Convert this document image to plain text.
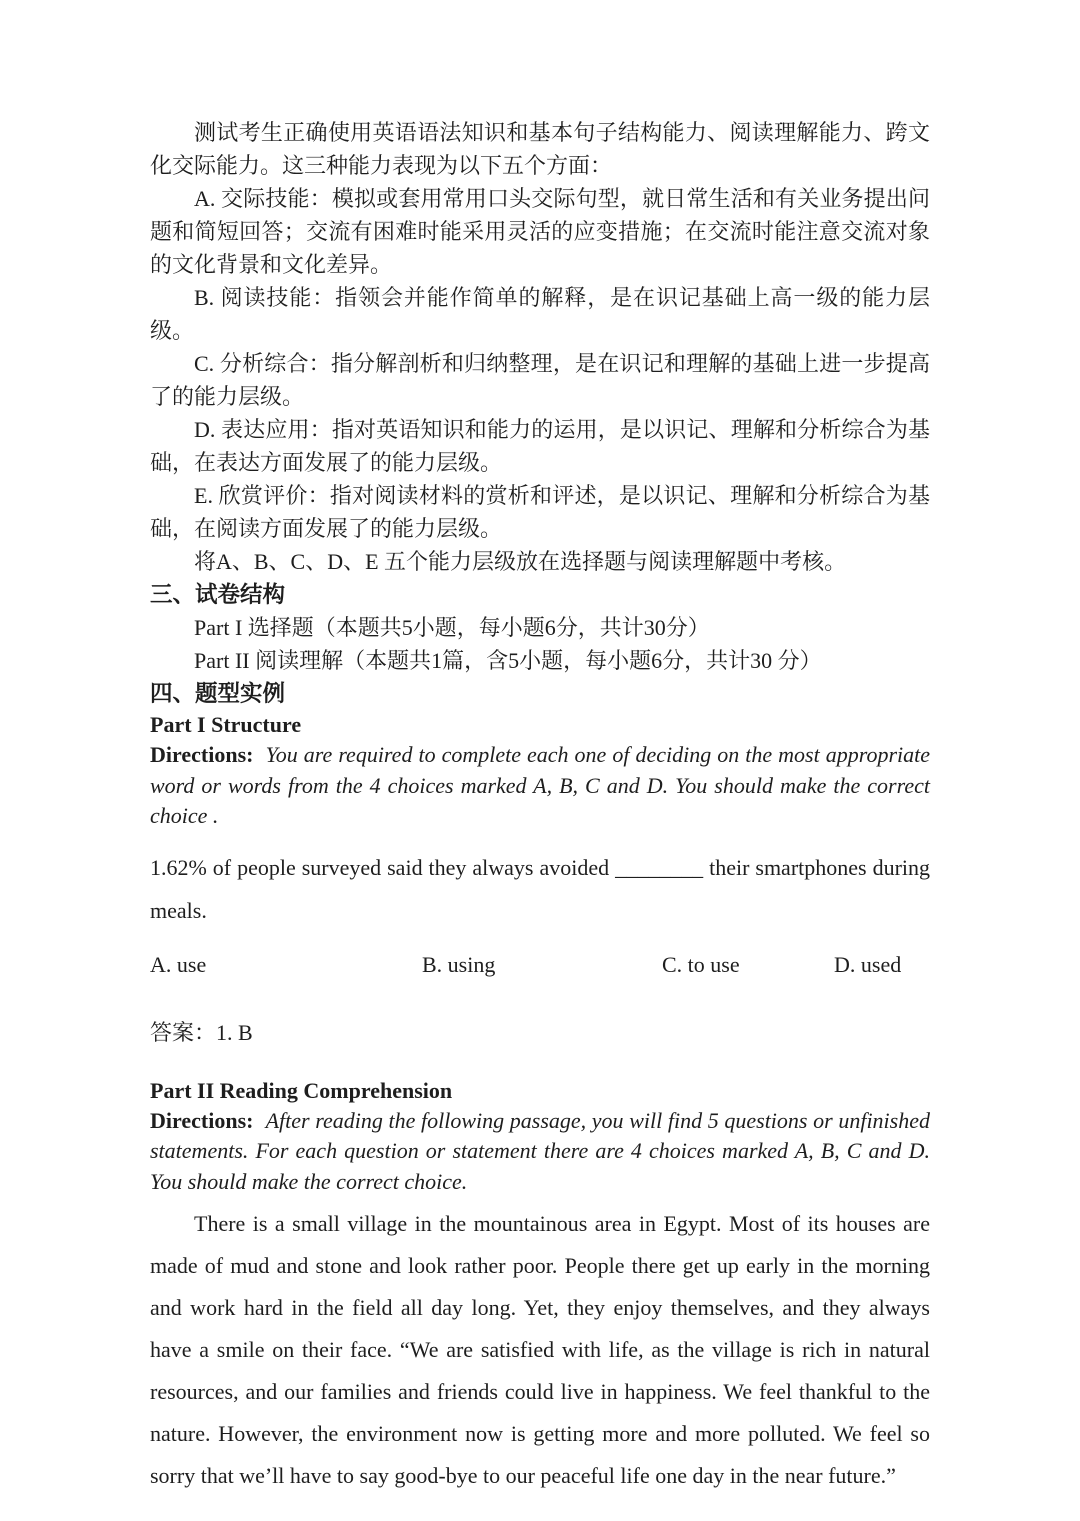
测试考生正确使用英语语法知识和基本句子结构能力、阅读理解能力、跨文化交际能力。这三种能力表现为以下五个方面：

A. 交际技能：模拟或套用常用口头交际句型，就日常生活和有关业务提出问题和简短回答；交流有困难时能采用灵活的应变措施；在交流时能注意交流对象的文化背景和文化差异。

B. 阅读技能：指领会并能作简单的解释，是在识记基础上高一级的能力层级。

C. 分析综合：指分解剖析和归纳整理，是在识记和理解的基础上进一步提高了的能力层级。

D. 表达应用：指对英语知识和能力的运用，是以识记、理解和分析综合为基础，在表达方面发展了的能力层级。

E. 欣赏评价：指对阅读材料的赏析和评述，是以识记、理解和分析综合为基础，在阅读方面发展了的能力层级。

将A、B、C、D、E 五个能力层级放在选择题与阅读理解题中考核。

三、试卷结构

Part I 选择题（本题共5小题，每小题6分，共计30分）

Part II 阅读理解（本题共1篇，含5小题，每小题6分，共计30 分）

四、题型实例

Part I Structure

Directions: You are required to complete each one of deciding on the most appropriate word or words from the 4 choices marked A, B, C and D. You should make the correct choice .

1.62% of people surveyed said they always avoided ________ their smartphones during meals.

A. use	B. using	C. to use	D. used

答案：1. B

Part II Reading Comprehension

Directions: After reading the following passage, you will find 5 questions or unfinished statements. For each question or statement there are 4 choices marked A, B, C and D. You should make the correct choice.

There is a small village in the mountainous area in Egypt. Most of its houses are made of mud and stone and look rather poor. People there get up early in the morning and work hard in the field all day long. Yet, they enjoy themselves, and they always have a smile on their face. “We are satisfied with life, as the village is rich in natural resources, and our families and friends could live in happiness. We feel thankful to the nature. However, the environment now is getting more and more polluted. We feel so sorry that we’ll have to say good-bye to our peaceful life one day in the near future.”
